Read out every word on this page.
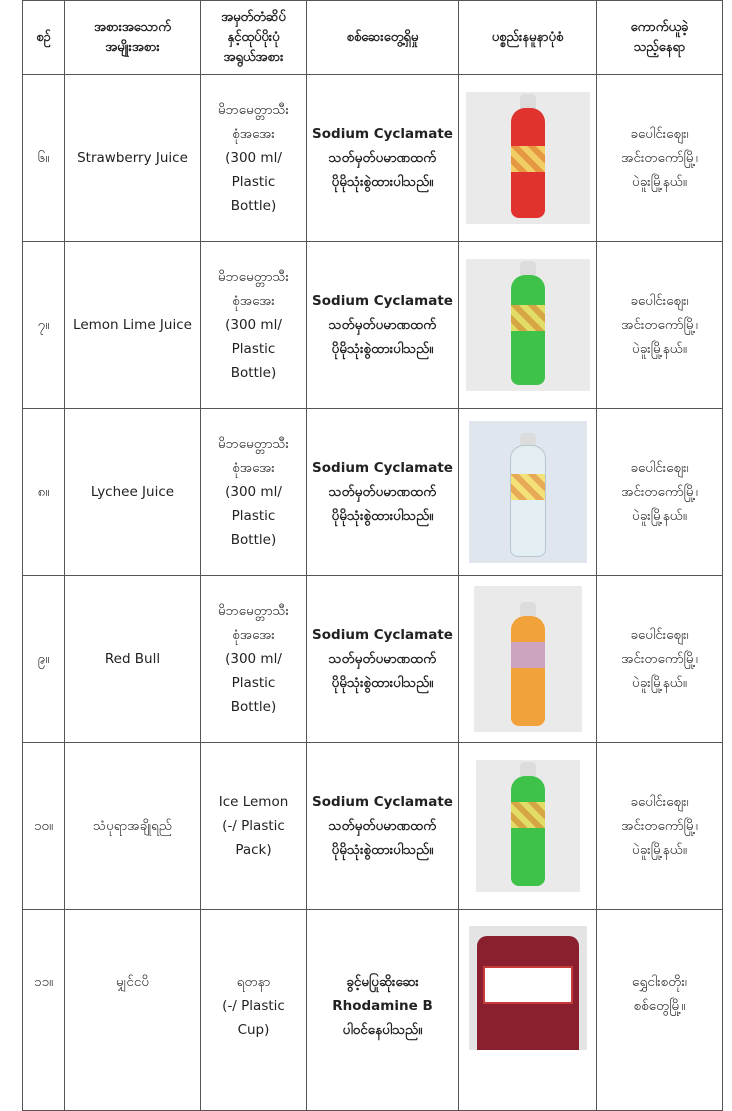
စဉ်	အစားအသောက်
အမျိုးအစား	အမှတ်တံဆိပ်
နှင့်ထုပ်ပိုးပုံ
အရွယ်အစား	စစ်ဆေးတွေ့ရှိမှု	ပစ္စည်းနမူနာပုံစံ	ကောက်ယူခဲ့
သည့်နေရာ
၆။	Strawberry Juice	မိဘမေတ္တာသီး
စုံအအေး
(300 ml/
Plastic
Bottle)	Sodium Cyclamate
သတ်မှတ်ပမာဏထက်
ပိုမိုသုံးစွဲထားပါသည်။		ခပေါင်းဈေး၊
အင်းတကော်မြို့၊
ပဲခူးမြို့နယ်။
၇။	Lemon Lime Juice	မိဘမေတ္တာသီး
စုံအအေး
(300 ml/
Plastic
Bottle)	Sodium Cyclamate
သတ်မှတ်ပမာဏထက်
ပိုမိုသုံးစွဲထားပါသည်။		ခပေါင်းဈေး၊
အင်းတကော်မြို့၊
ပဲခူးမြို့နယ်။
၈။	Lychee Juice	မိဘမေတ္တာသီး
စုံအအေး
(300 ml/
Plastic
Bottle)	Sodium Cyclamate
သတ်မှတ်ပမာဏထက်
ပိုမိုသုံးစွဲထားပါသည်။		ခပေါင်းဈေး၊
အင်းတကော်မြို့၊
ပဲခူးမြို့နယ်။
၉။	Red Bull	မိဘမေတ္တာသီး
စုံအအေး
(300 ml/
Plastic
Bottle)	Sodium Cyclamate
သတ်မှတ်ပမာဏထက်
ပိုမိုသုံးစွဲထားပါသည်။		ခပေါင်းဈေး၊
အင်းတကော်မြို့၊
ပဲခူးမြို့နယ်။
၁၀။	သံပုရာအချိုရည်	Ice Lemon
(-/ Plastic
Pack)	Sodium Cyclamate
သတ်မှတ်ပမာဏထက်
ပိုမိုသုံးစွဲထားပါသည်။		ခပေါင်းဈေး၊
အင်းတကော်မြို့၊
ပဲခူးမြို့နယ်။
၁၁။	မျှင်ငပိ	ရတနာ
(-/ Plastic
Cup)	ခွင့်မပြုဆိုးဆေး
Rhodamine B
ပါဝင်နေပါသည်။		ရွှေငါးစတိုး၊
စစ်တွေမြို့။
